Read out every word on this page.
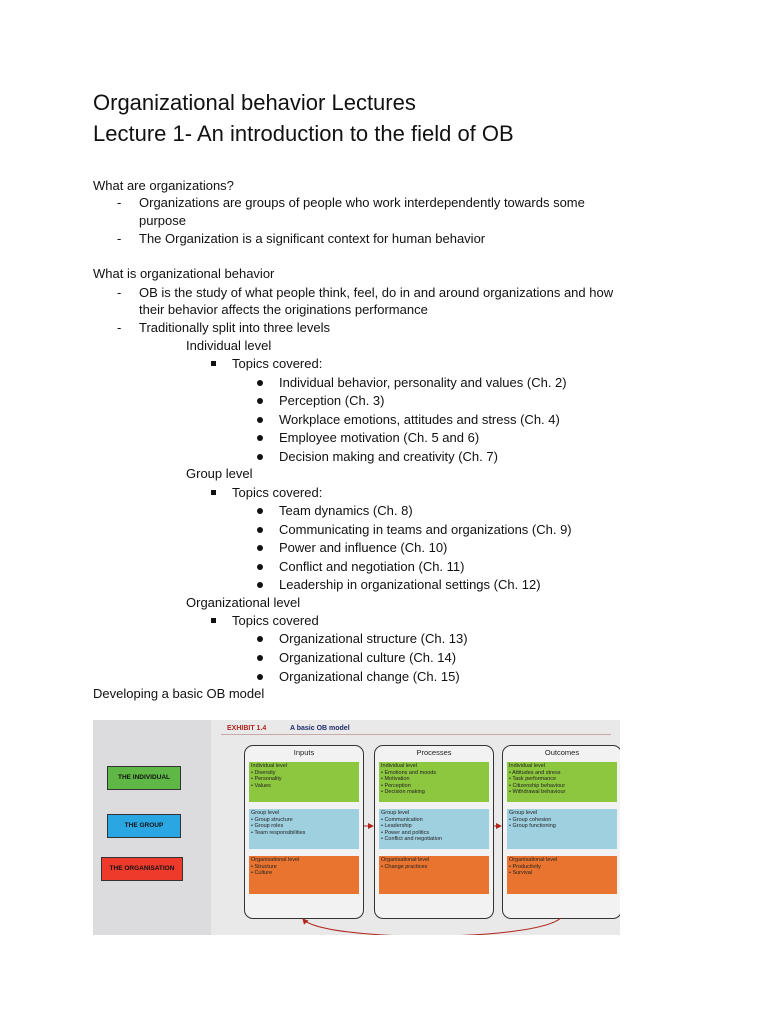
Organizational behavior Lectures
Lecture 1- An introduction to the field of OB
What are organizations?
- Organizations are groups of people who work interdependently towards some
purpose
- The Organization is a significant context for human behavior
What is organizational behavior
- OB is the study of what people think, feel, do in and around organizations and how
their behavior affects the originations performance
- Traditionally split into three levels
Individual level
Topics covered:
Individual behavior, personality and values (Ch. 2)
Perception (Ch. 3)
Workplace emotions, attitudes and stress (Ch. 4)
Employee motivation (Ch. 5 and 6)
Decision making and creativity (Ch. 7)
Group level
Topics covered:
Team dynamics (Ch. 8)
Communicating in teams and organizations (Ch. 9)
Power and influence (Ch. 10)
Conflict and negotiation (Ch. 11)
Leadership in organizational settings (Ch. 12)
Organizational level
Topics covered
Organizational structure (Ch. 13)
Organizational culture (Ch. 14)
Organizational change (Ch. 15)
Developing a basic OB model
EXHIBIT 1.4	A basic OB model
THE INDIVIDUAL
THE GROUP
THE ORGANISATION
Inputs
Individual level
• Diversity
• Personality
• Values
Group level
• Group structure
• Group roles
• Team responsibilities
Organisational level
• Structure
• Culture
Processes
Individual level
• Emotions and moods
• Motivation
• Perception
• Decision making
Group level
• Communication
• Leadership
• Power and politics
• Conflict and negotiation
Organisational level
• Change practices
Outcomes
Individual level
• Attitudes and stress
• Task performance
• Citizenship behaviour
• Withdrawal behaviour
Group level
• Group cohesion
• Group functioning
Organisational level
• Productivity
• Survival
